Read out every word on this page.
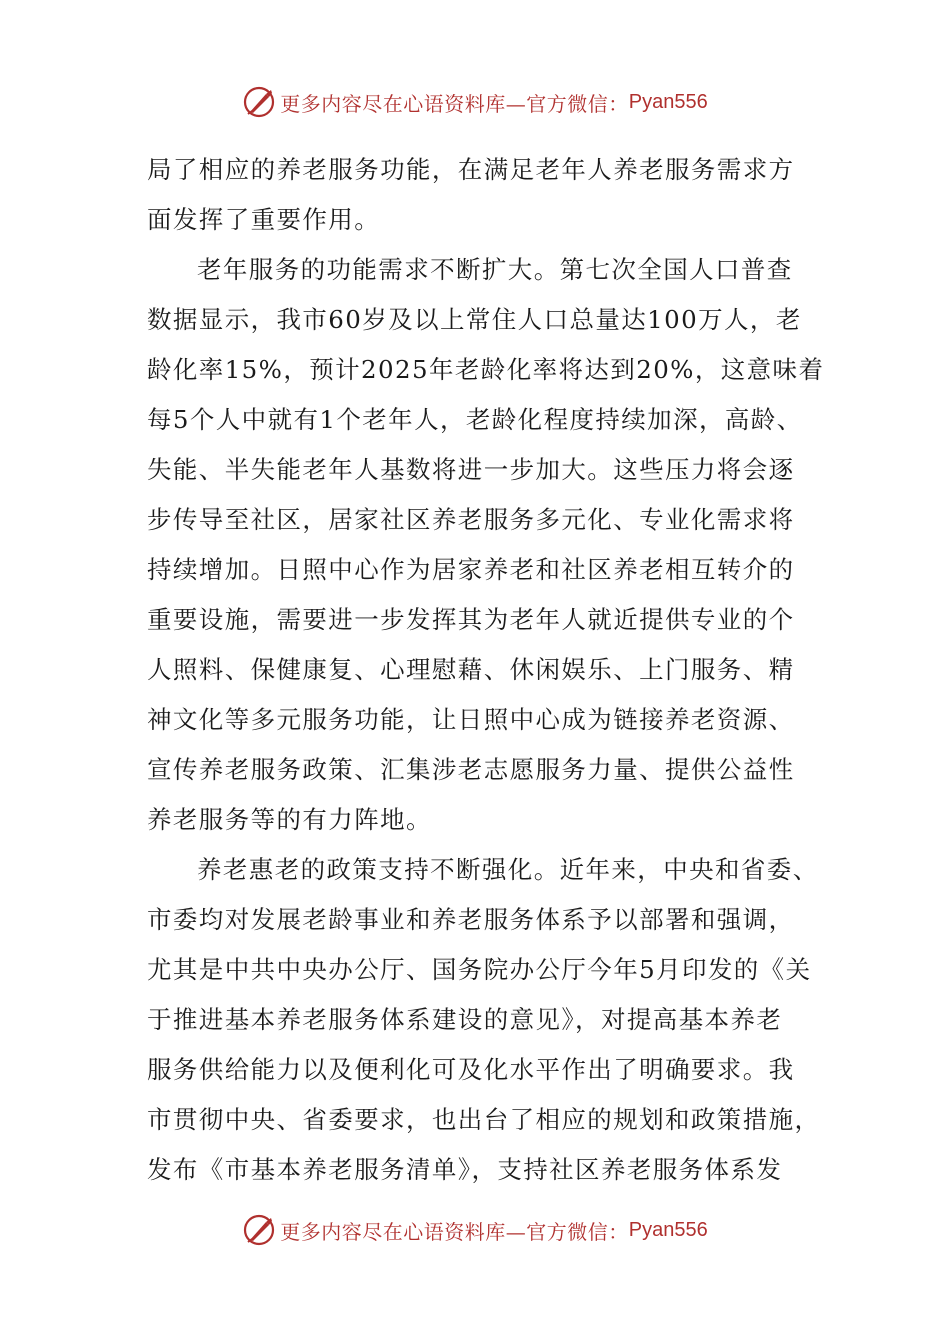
更多内容尽在心语资料库—官方微信： Pyan556
局了相应的养老服务功能，在满足老年人养老服务需求方
面发挥了重要作用。
老年服务的功能需求不断扩大。第七次全国人口普查
数据显示，我市60岁及以上常住人口总量达100万人，老
龄化率15%，预计2025年老龄化率将达到20%，这意味着
每5个人中就有1个老年人，老龄化程度持续加深，高龄、
失能、半失能老年人基数将进一步加大。这些压力将会逐
步传导至社区，居家社区养老服务多元化、专业化需求将
持续增加。日照中心作为居家养老和社区养老相互转介的
重要设施，需要进一步发挥其为老年人就近提供专业的个
人照料、保健康复、心理慰藉、休闲娱乐、上门服务、精
神文化等多元服务功能，让日照中心成为链接养老资源、
宣传养老服务政策、汇集涉老志愿服务力量、提供公益性
养老服务等的有力阵地。
养老惠老的政策支持不断强化。近年来，中央和省委、
市委均对发展老龄事业和养老服务体系予以部署和强调，
尤其是中共中央办公厅、国务院办公厅今年5月印发的《关
于推进基本养老服务体系建设的意见》，对提高基本养老
服务供给能力以及便利化可及化水平作出了明确要求。我
市贯彻中央、省委要求，也出台了相应的规划和政策措施，
发布《市基本养老服务清单》，支持社区养老服务体系发
更多内容尽在心语资料库—官方微信： Pyan556
